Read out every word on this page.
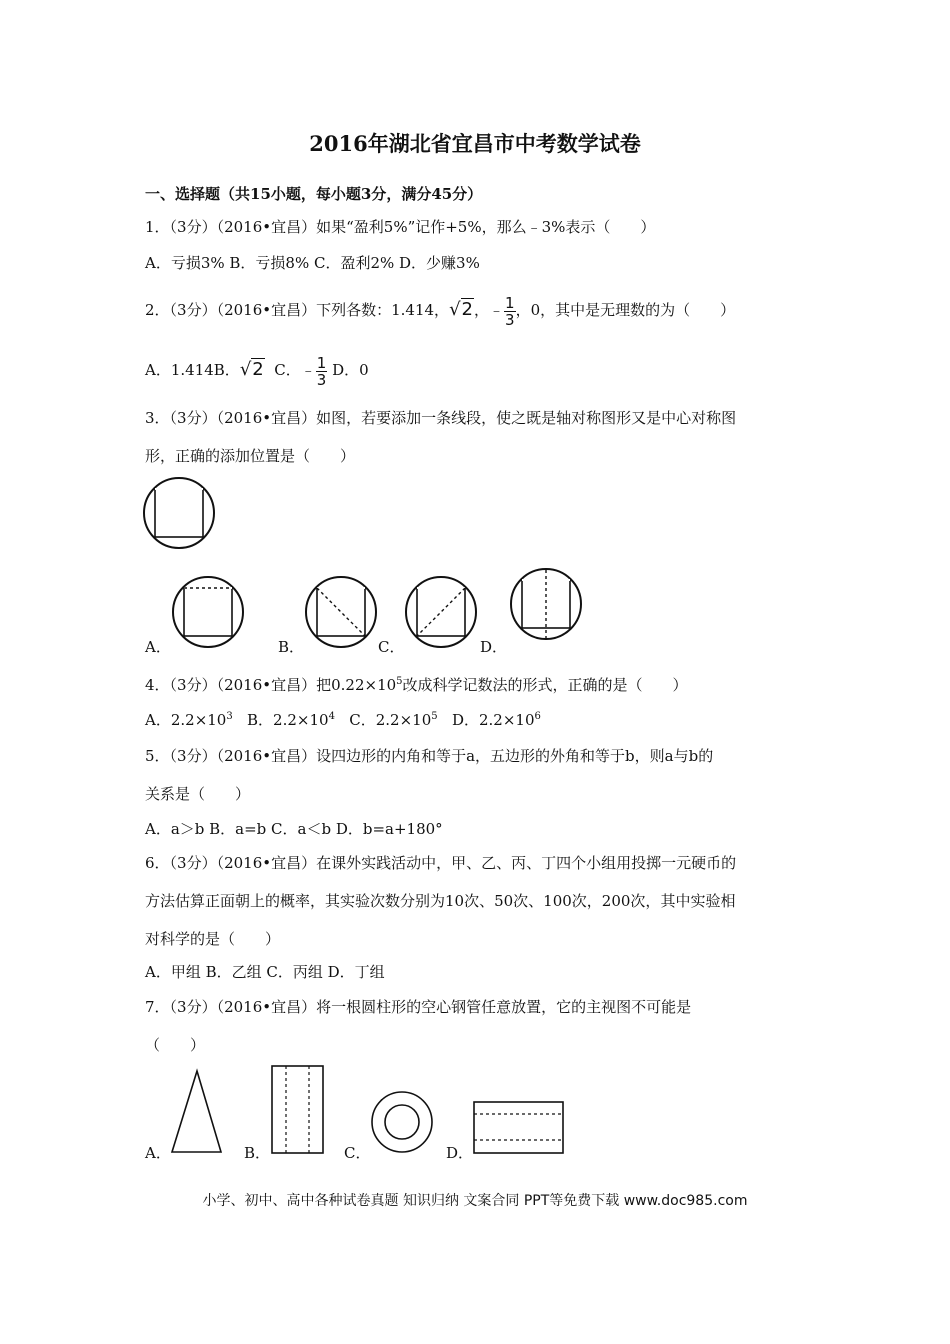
2016年湖北省宜昌市中考数学试卷
一、选择题（共15小题，每小题3分，满分45分）
1．（3分）（2016•宜昌）如果“盈利5%”记作+5%，那么﹣3%表示（　　）
A．亏损3% B．亏损8% C．盈利2% D．少赚3%
2．（3分）（2016•宜昌）下列各数：1.414，√2，﹣ $\frac{1}{3}$ ，0，其中是无理数的为（　　）
A．1.414B．√2 C．﹣ $\frac{1}{3}$ D．0
3．（3分）（2016•宜昌）如图，若要添加一条线段，使之既是轴对称图形又是中心对称图
形，正确的添加位置是（　　）
A．	B．	C．	D．
4．（3分）（2016•宜昌）把$0.22\times 10^5$改成科学记数法的形式，正确的是（　　）
A．$2.2\times 10^3$ B．$2.2\times 10^4$ C．$2.2\times 10^5$ D．$2.2\times 10^6$
5．（3分）（2016•宜昌）设四边形的内角和等于a，五边形的外角和等于b，则a与b的
关系是（　　）
A．a＞b B．a=b C．a＜b D．b=a+180°
6．（3分）（2016•宜昌）在课外实践活动中，甲、乙、丙、丁四个小组用投掷一元硬币的
方法估算正面朝上的概率，其实验次数分别为10次、50次、100次，200次，其中实验相
对科学的是（　　）
A．甲组 B．乙组 C．丙组 D．丁组
7．（3分）（2016•宜昌）将一根圆柱形的空心钢管任意放置，它的主视图不可能是
（　　）
A．	B．	C．	D．
小学、初中、高中各种试卷真题 知识归纳 文案合同 PPT等免费下载 www.doc985.com
